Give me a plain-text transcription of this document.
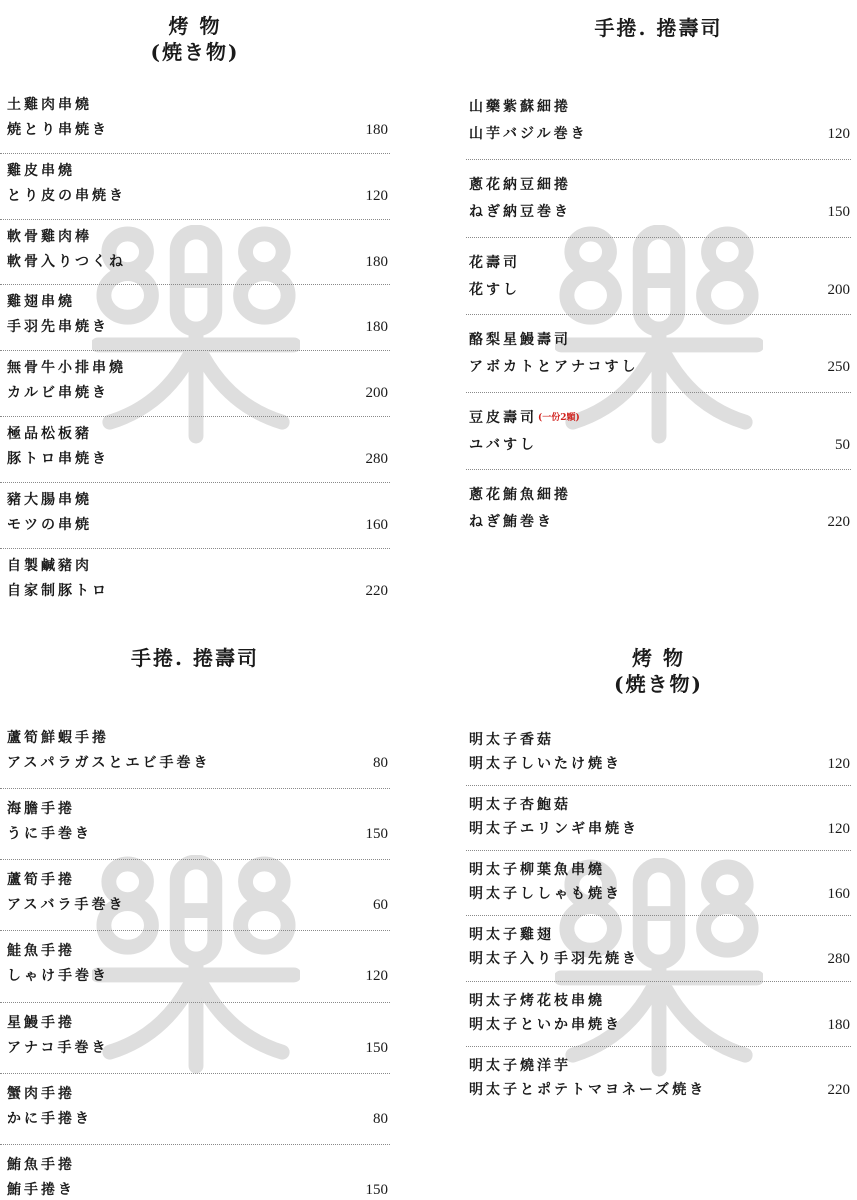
烤 物
(焼き物)
土雞肉串燒
焼とり串焼き	180
雞皮串燒
とり皮の串焼き	120
軟骨雞肉棒
軟骨入りつくね	180
雞翅串燒
手羽先串焼き	180
無骨牛小排串燒
カルビ串焼き	200
極品松板豬
豚トロ串焼き	280
豬大腸串燒
モツの串焼	160
自製鹹豬肉
自家制豚トロ	220
手捲. 捲壽司
山藥紫蘇細捲
山芋バジル巻き	120
蔥花納豆細捲
ねぎ納豆巻き	150
花壽司
花すし	200
酪梨星鰻壽司
アボカトとアナコすし	250
豆皮壽司(一份2顆)
ユバすし	50
蔥花鮪魚細捲
ねぎ鮪巻き	220
手捲. 捲壽司
蘆筍鮮蝦手捲
アスパラガスとエビ手巻き	80
海膽手捲
うに手巻き	150
蘆筍手捲
アスバラ手巻き	60
鮭魚手捲
しゃけ手巻き	120
星鰻手捲
アナコ手巻き	150
蟹肉手捲
かに手捲き	80
鮪魚手捲
鮪手捲き	150
烤 物
(焼き物)
明太子香菇
明太子しいたけ焼き	120
明太子杏鮑菇
明太子エリンギ串焼き	120
明太子柳葉魚串燒
明太子ししゃも焼き	160
明太子雞翅
明太子入り手羽先焼き	280
明太子烤花枝串燒
明太子といか串焼き	180
明太子燒洋芋
明太子とポテトマヨネーズ焼き	220
